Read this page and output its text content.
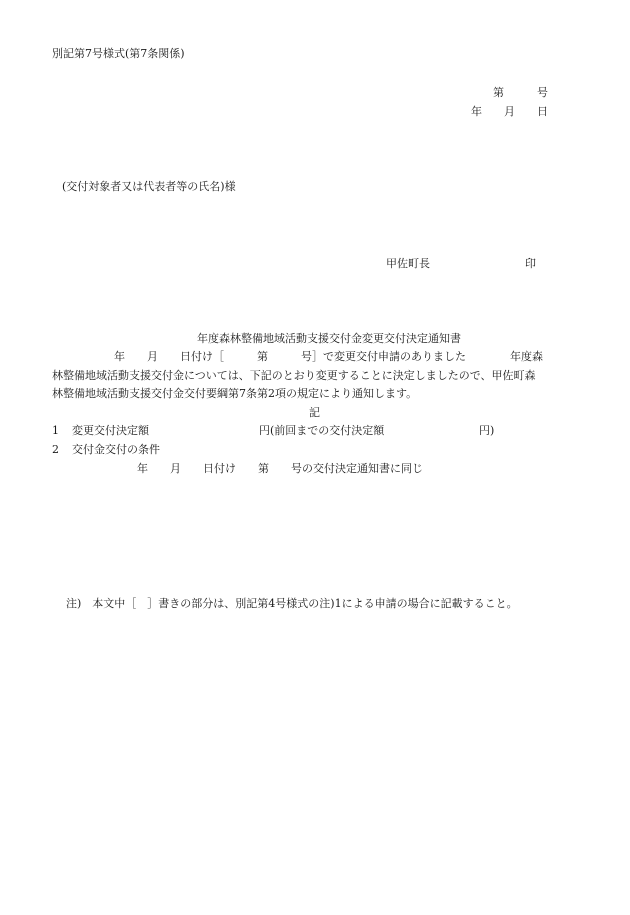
別記第7号様式(第7条関係)
第　　　号
年　　月　　日
(交付対象者又は代表者等の氏名)様
甲佐町長	印
年度森林整備地域活動支援交付金変更交付決定通知書
年　　月　　日付け［　　　第　　　号］で変更交付申請のありました　　　　年度森
林整備地域活動支援交付金については、下記のとおり変更することに決定しましたので、甲佐町森
林整備地域活動支援交付金交付要綱第7条第2項の規定により通知します。
記
1 変更交付決定額	円(前回までの交付決定額	円)
2 交付金交付の条件
年　　月　　日付け　　第　　号の交付決定通知書に同じ
注)　本文中［　］書きの部分は、別記第4号様式の注)1による申請の場合に記載すること。
